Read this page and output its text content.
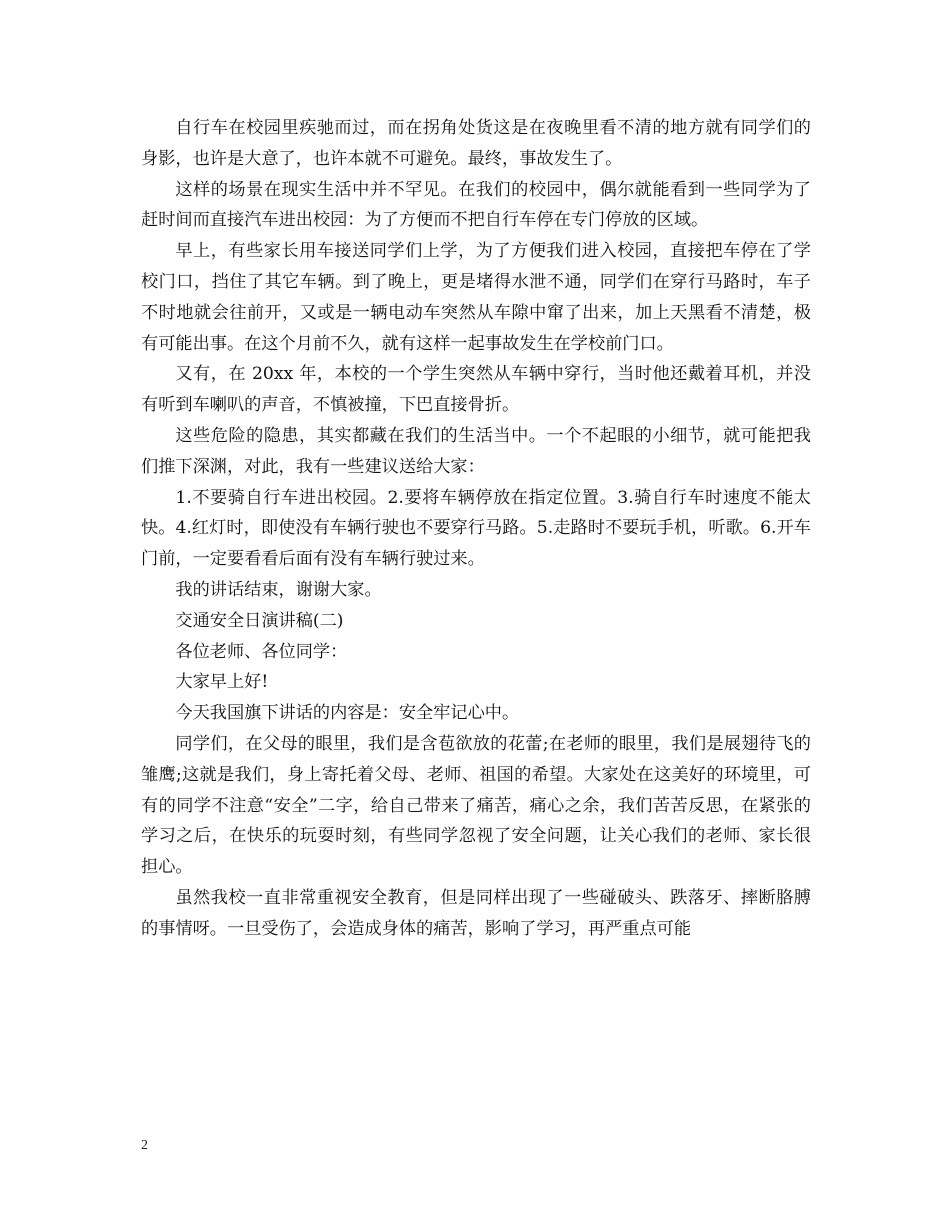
自行车在校园里疾驰而过，而在拐角处货这是在夜晚里看不清的地方就有同学们的身影，也许是大意了，也许本就不可避免。最终，事故发生了。

这样的场景在现实生活中并不罕见。在我们的校园中，偶尔就能看到一些同学为了赶时间而直接汽车进出校园：为了方便而不把自行车停在专门停放的区域。

早上，有些家长用车接送同学们上学，为了方便我们进入校园，直接把车停在了学校门口，挡住了其它车辆。到了晚上，更是堵得水泄不通，同学们在穿行马路时，车子不时地就会往前开，又或是一辆电动车突然从车隙中窜了出来，加上天黑看不清楚，极有可能出事。在这个月前不久，就有这样一起事故发生在学校前门口。

又有，在 20xx 年，本校的一个学生突然从车辆中穿行，当时他还戴着耳机，并没有听到车喇叭的声音，不慎被撞，下巴直接骨折。

这些危险的隐患，其实都藏在我们的生活当中。一个不起眼的小细节，就可能把我们推下深渊，对此，我有一些建议送给大家：

1.不要骑自行车进出校园。2.要将车辆停放在指定位置。3.骑自行车时速度不能太快。4.红灯时，即使没有车辆行驶也不要穿行马路。5.走路时不要玩手机，听歌。6.开车门前，一定要看看后面有没有车辆行驶过来。

我的讲话结束，谢谢大家。

交通安全日演讲稿(二)

各位老师、各位同学：

大家早上好!

今天我国旗下讲话的内容是：安全牢记心中。

同学们，在父母的眼里，我们是含苞欲放的花蕾;在老师的眼里，我们是展翅待飞的雏鹰;这就是我们，身上寄托着父母、老师、祖国的希望。大家处在这美好的环境里，可有的同学不注意“安全”二字，给自己带来了痛苦，痛心之余，我们苦苦反思，在紧张的学习之后，在快乐的玩耍时刻，有些同学忽视了安全问题，让关心我们的老师、家长很担心。

虽然我校一直非常重视安全教育，但是同样出现了一些碰破头、跌落牙、摔断胳膊的事情呀。一旦受伤了，会造成身体的痛苦，影响了学习，再严重点可能

2
